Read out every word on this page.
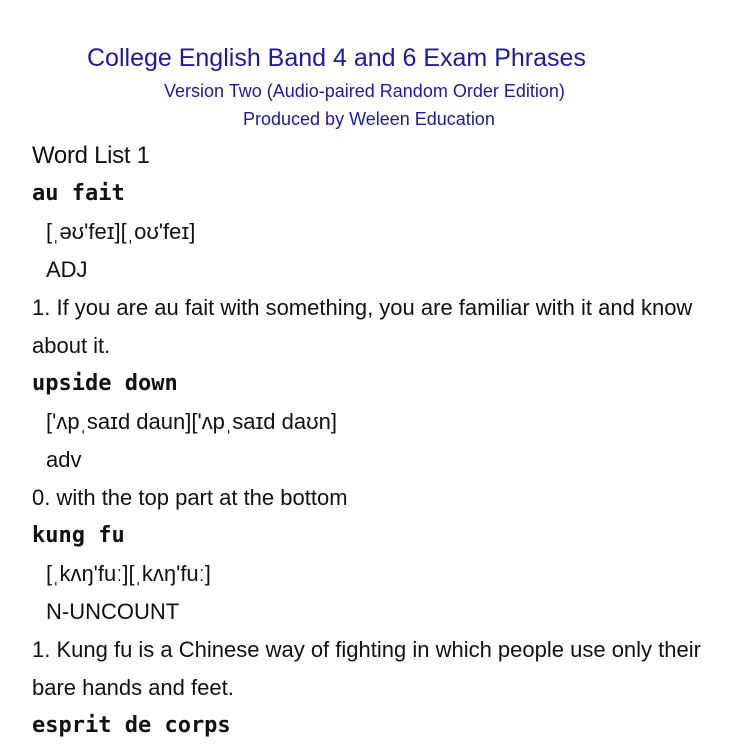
College English Band 4 and 6 Exam Phrases
Version Two (Audio-paired Random Order Edition)
Produced by Weleen Education
Word List 1
au fait
[ˌəʊ'feɪ][ˌoʊ'feɪ]
ADJ
1. If you are au fait with something, you are familiar with it and know about it.
upside down
['ʌpˌsaɪd daun]['ʌpˌsaɪd daʊn]
adv
0. with the top part at the bottom
kung fu
[ˌkʌŋ'fuː][ˌkʌŋ'fuː]
N-UNCOUNT
1. Kung fu is a Chinese way of fighting in which people use only their bare hands and feet.
esprit de corps
